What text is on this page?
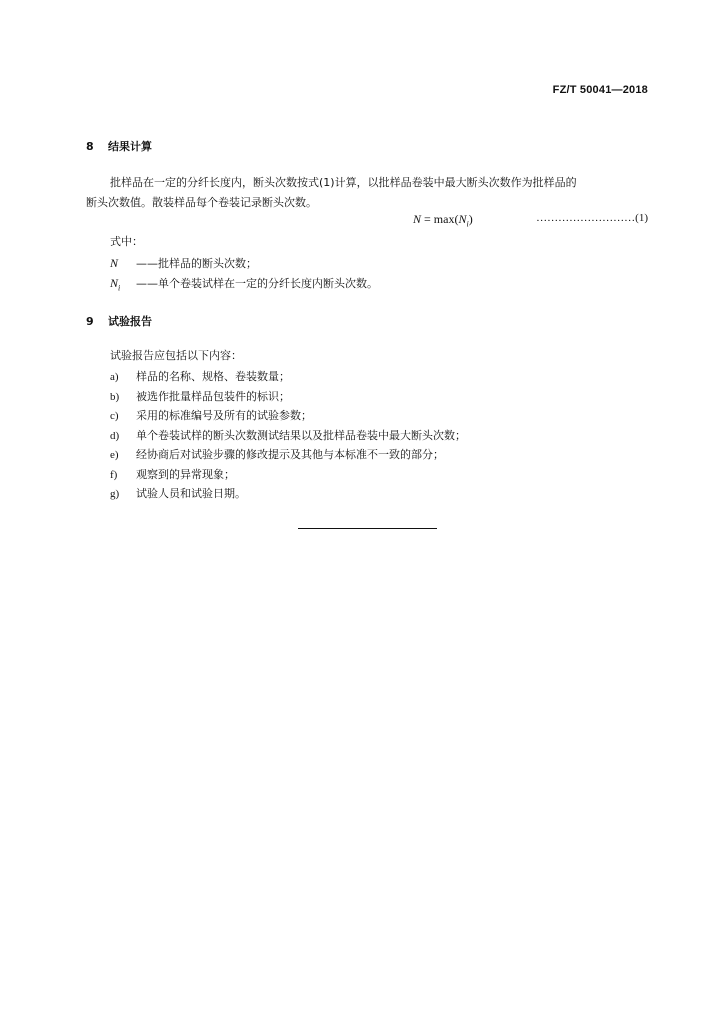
FZ/T 50041—2018
8 结果计算
批样品在一定的分纤长度内，断头次数按式(1)计算，以批样品卷装中最大断头次数作为批样品的
断头次数值。散装样品每个卷装记录断头次数。
$N = \max(N_i)$	………………………(1)
式中：
N ——批样品的断头次数；
$N_i$ ——单个卷装试样在一定的分纤长度内断头次数。
9 试验报告
试验报告应包括以下内容：
a) 样品的名称、规格、卷装数量；
b) 被选作批量样品包装件的标识；
c) 采用的标准编号及所有的试验参数；
d) 单个卷装试样的断头次数测试结果以及批样品卷装中最大断头次数；
e) 经协商后对试验步骤的修改提示及其他与本标准不一致的部分；
f) 观察到的异常现象；
g) 试验人员和试验日期。
